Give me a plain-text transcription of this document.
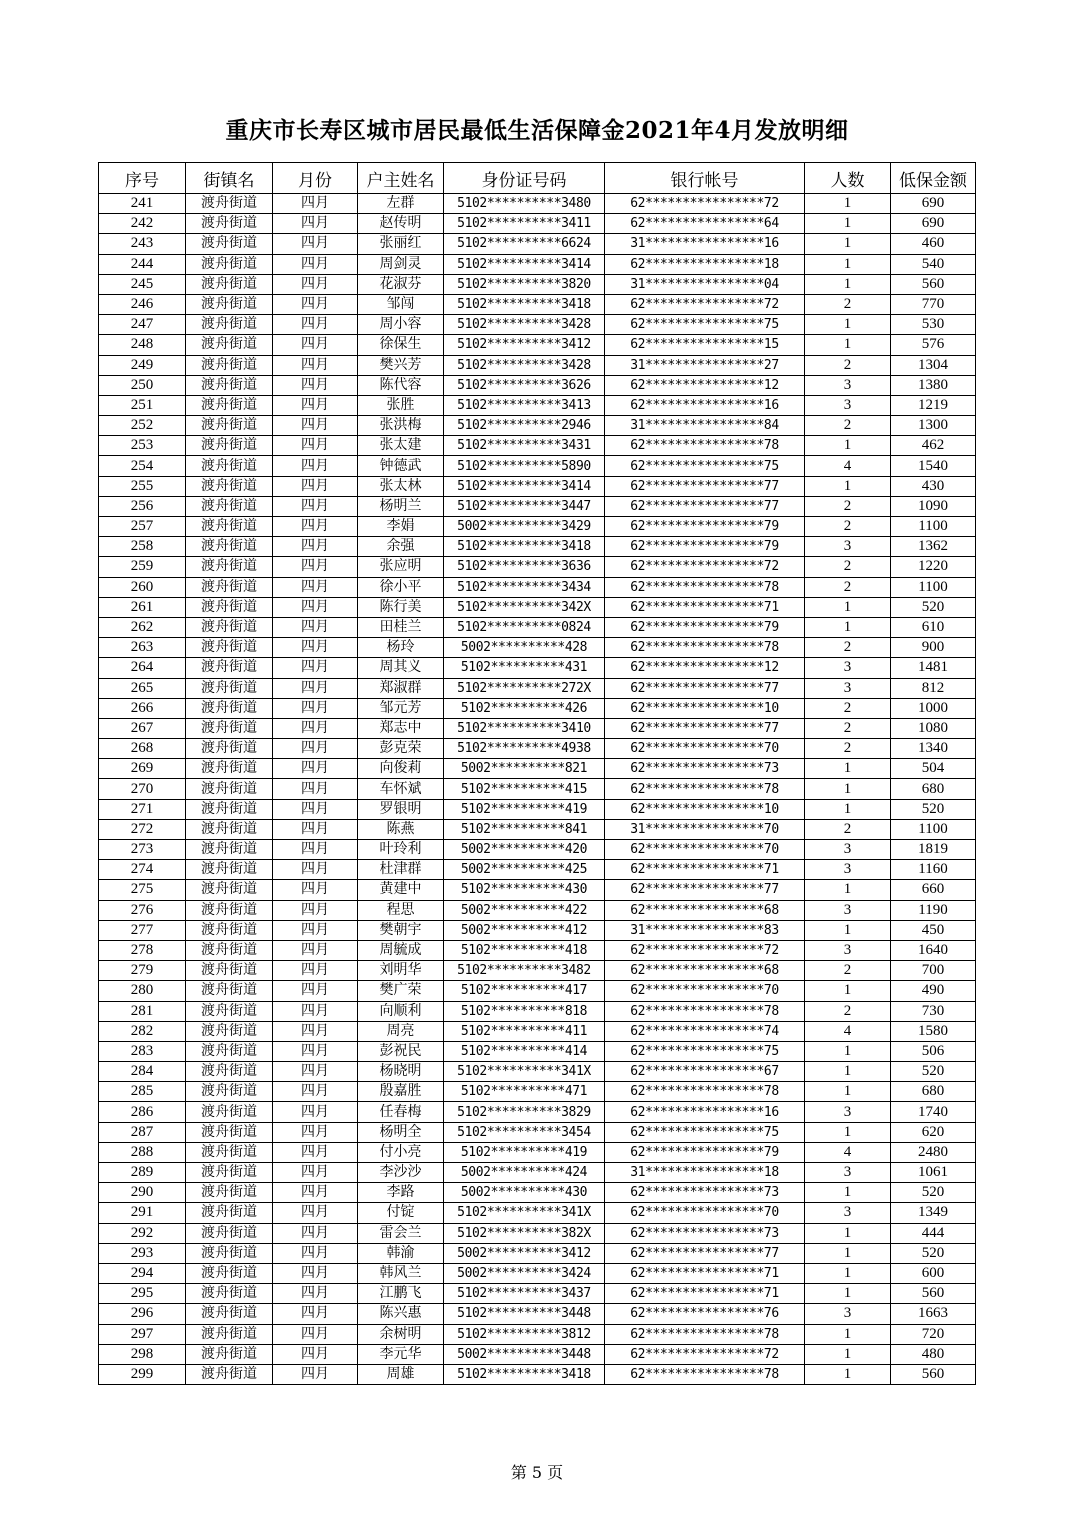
重庆市长寿区城市居民最低生活保障金2021年4月发放明细
序号	街镇名	月份	户主姓名	身份证号码	银行帐号	人数	低保金额
241	渡舟街道	四月	左群	5102**********3480	62****************72	1	690
242	渡舟街道	四月	赵传明	5102**********3411	62****************64	1	690
243	渡舟街道	四月	张丽红	5102**********6624	31****************16	1	460
244	渡舟街道	四月	周剑灵	5102**********3414	62****************18	1	540
245	渡舟街道	四月	花淑芬	5102**********3820	31****************04	1	560
246	渡舟街道	四月	邹闯	5102**********3418	62****************72	2	770
247	渡舟街道	四月	周小容	5102**********3428	62****************75	1	530
248	渡舟街道	四月	徐保生	5102**********3412	62****************15	1	576
249	渡舟街道	四月	樊兴芳	5102**********3428	31****************27	2	1304
250	渡舟街道	四月	陈代容	5102**********3626	62****************12	3	1380
251	渡舟街道	四月	张胜	5102**********3413	62****************16	3	1219
252	渡舟街道	四月	张洪梅	5102**********2946	31****************84	2	1300
253	渡舟街道	四月	张太建	5102**********3431	62****************78	1	462
254	渡舟街道	四月	钟德武	5102**********5890	62****************75	4	1540
255	渡舟街道	四月	张太林	5102**********3414	62****************77	1	430
256	渡舟街道	四月	杨明兰	5102**********3447	62****************77	2	1090
257	渡舟街道	四月	李娟	5002**********3429	62****************79	2	1100
258	渡舟街道	四月	余强	5102**********3418	62****************79	3	1362
259	渡舟街道	四月	张应明	5102**********3636	62****************72	2	1220
260	渡舟街道	四月	徐小平	5102**********3434	62****************78	2	1100
261	渡舟街道	四月	陈行美	5102**********342X	62****************71	1	520
262	渡舟街道	四月	田桂兰	5102**********0824	62****************79	1	610
263	渡舟街道	四月	杨玲	5002**********428	62****************78	2	900
264	渡舟街道	四月	周其义	5102**********431	62****************12	3	1481
265	渡舟街道	四月	郑淑群	5102**********272X	62****************77	3	812
266	渡舟街道	四月	邹元芳	5102**********426	62****************10	2	1000
267	渡舟街道	四月	郑志中	5102**********3410	62****************77	2	1080
268	渡舟街道	四月	彭克荣	5102**********4938	62****************70	2	1340
269	渡舟街道	四月	向俊莉	5002**********821	62****************73	1	504
270	渡舟街道	四月	车怀斌	5102**********415	62****************78	1	680
271	渡舟街道	四月	罗银明	5102**********419	62****************10	1	520
272	渡舟街道	四月	陈燕	5102**********841	31****************70	2	1100
273	渡舟街道	四月	叶玲利	5002**********420	62****************70	3	1819
274	渡舟街道	四月	杜津群	5002**********425	62****************71	3	1160
275	渡舟街道	四月	黄建中	5102**********430	62****************77	1	660
276	渡舟街道	四月	程思	5002**********422	62****************68	3	1190
277	渡舟街道	四月	樊朝宇	5002**********412	31****************83	1	450
278	渡舟街道	四月	周毓成	5102**********418	62****************72	3	1640
279	渡舟街道	四月	刘明华	5102**********3482	62****************68	2	700
280	渡舟街道	四月	樊广荣	5102**********417	62****************70	1	490
281	渡舟街道	四月	向顺利	5102**********818	62****************78	2	730
282	渡舟街道	四月	周亮	5102**********411	62****************74	4	1580
283	渡舟街道	四月	彭祝民	5102**********414	62****************75	1	506
284	渡舟街道	四月	杨晓明	5102**********341X	62****************67	1	520
285	渡舟街道	四月	殷嘉胜	5102**********471	62****************78	1	680
286	渡舟街道	四月	任春梅	5102**********3829	62****************16	3	1740
287	渡舟街道	四月	杨明全	5102**********3454	62****************75	1	620
288	渡舟街道	四月	付小亮	5102**********419	62****************79	4	2480
289	渡舟街道	四月	李沙沙	5002**********424	31****************18	3	1061
290	渡舟街道	四月	李路	5002**********430	62****************73	1	520
291	渡舟街道	四月	付锭	5102**********341X	62****************70	3	1349
292	渡舟街道	四月	雷会兰	5102**********382X	62****************73	1	444
293	渡舟街道	四月	韩渝	5002**********3412	62****************77	1	520
294	渡舟街道	四月	韩风兰	5002**********3424	62****************71	1	600
295	渡舟街道	四月	江鹏飞	5102**********3437	62****************71	1	560
296	渡舟街道	四月	陈兴惠	5102**********3448	62****************76	3	1663
297	渡舟街道	四月	余树明	5102**********3812	62****************78	1	720
298	渡舟街道	四月	李元华	5002**********3448	62****************72	1	480
299	渡舟街道	四月	周雄	5102**********3418	62****************78	1	560
第 5 页
